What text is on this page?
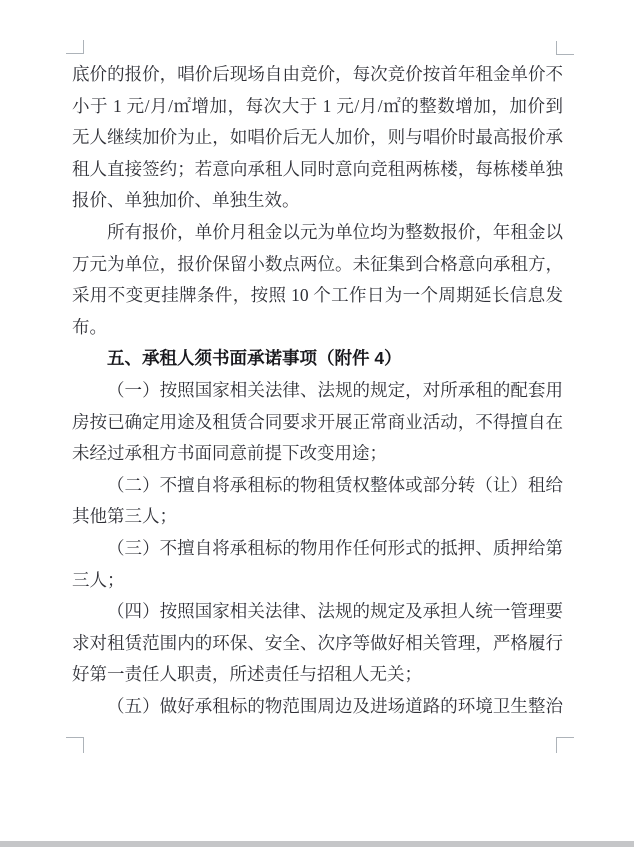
底价的报价，唱价后现场自由竞价，每次竞价按首年租金单价不
小于 1 元/月/㎡增加，每次大于 1 元/月/㎡的整数增加，加价到
无人继续加价为止，如唱价后无人加价，则与唱价时最高报价承
租人直接签约；若意向承租人同时意向竞租两栋楼，每栋楼单独
报价、单独加价、单独生效。
所有报价，单价月租金以元为单位均为整数报价，年租金以
万元为单位，报价保留小数点两位。未征集到合格意向承租方，
采用不变更挂牌条件，按照 10 个工作日为一个周期延长信息发
布。
五、承租人须书面承诺事项（附件 4）
（一）按照国家相关法律、法规的规定，对所承租的配套用
房按已确定用途及租赁合同要求开展正常商业活动，不得擅自在
未经过承租方书面同意前提下改变用途；
（二）不擅自将承租标的物租赁权整体或部分转（让）租给
其他第三人；
（三）不擅自将承租标的物用作任何形式的抵押、质押给第
三人；
（四）按照国家相关法律、法规的规定及承担人统一管理要
求对租赁范围内的环保、安全、次序等做好相关管理，严格履行
好第一责任人职责，所述责任与招租人无关；
（五）做好承租标的物范围周边及进场道路的环境卫生整治
